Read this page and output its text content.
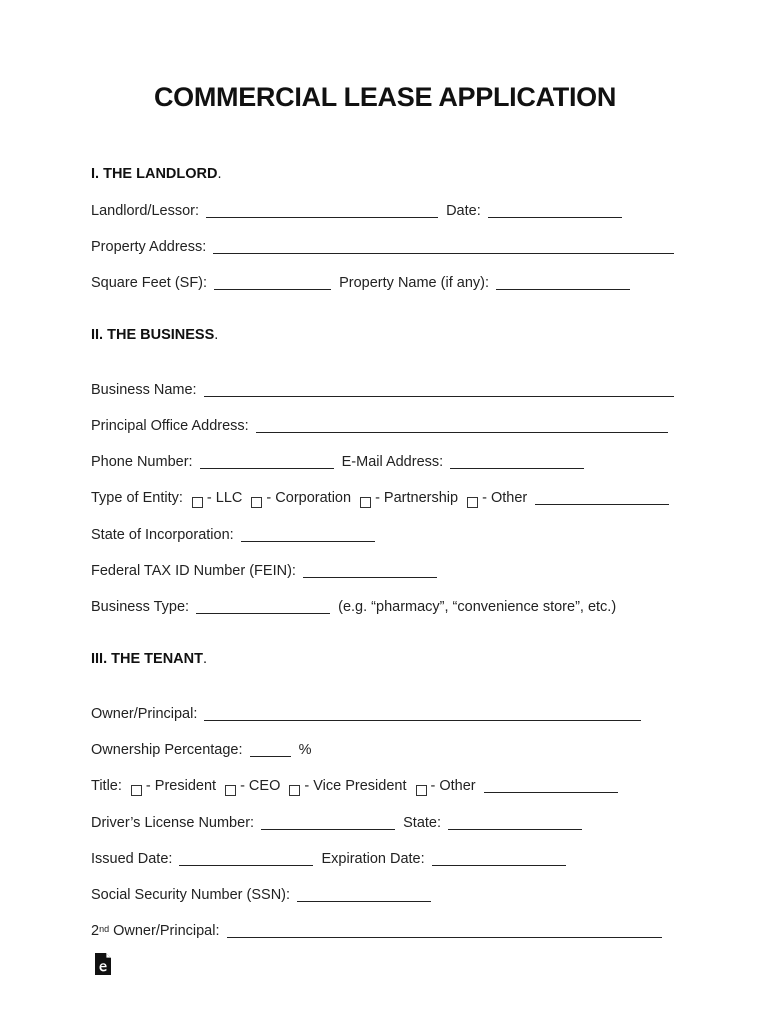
COMMERCIAL LEASE APPLICATION
I. THE LANDLORD.
Landlord/Lessor:	Date:
Property Address:
Square Feet (SF):	Property Name (if any):
II. THE BUSINESS.
Business Name:
Principal Office Address:
Phone Number:	E-Mail Address:
Type of Entity: - LLC - Corporation - Partnership - Other
State of Incorporation:
Federal TAX ID Number (FEIN):
Business Type:	(e.g. “pharmacy”, “convenience store”, etc.)
III. THE TENANT.
Owner/Principal:
Ownership Percentage:	%
Title: - President - CEO - Vice President - Other
Driver’s License Number:	State:
Issued Date:	Expiration Date:
Social Security Number (SSN):
2nd Owner/Principal:
